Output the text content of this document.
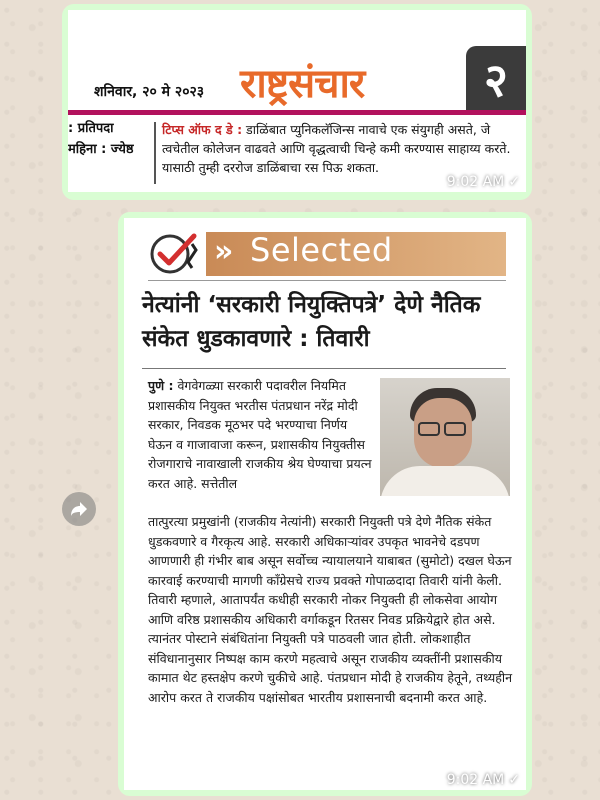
शनिवार, २० मे २०२३ राष्ट्रसंचार	२
: प्रतिपदा
महिना : ज्येष्ठ
टिप्स ऑफ द डे : डाळिंबात प्युनिकलॅजिन्स नावाचे एक संयुगही असते, जे त्वचेतील कोलेजन वाढवते आणि वृद्धत्वाची चिन्हे कमी करण्यास साहाय्य करते. यासाठी तुम्ही दररोज डाळिंबाचा रस पिऊ शकता.
9:02 AM ✓
» Selected
नेत्यांनी ‘सरकारी नियुक्तिपत्रे’ देणे नैतिक संकेत धुडकावणारे : तिवारी
पुणे : वेगवेगळ्या सरकारी पदावरील नियमित प्रशासकीय नियुक्त भरतीस पंतप्रधान नरेंद्र मोदी सरकार, निवडक मूठभर पदे भरण्याचा निर्णय घेऊन व गाजावाजा करून, प्रशासकीय नियुक्तीस रोजगाराचे नावाखाली राजकीय श्रेय घेण्याचा प्रयत्न करत आहे. सत्तेतील
तात्पुरत्या प्रमुखांनी (राजकीय नेत्यांनी) सरकारी नियुक्ती पत्रे देणे नैतिक संकेत धुडकवणारे व गैरकृत्य आहे. सरकारी अधिकाऱ्यांवर उपकृत भावनेचे दडपण आणणारी ही गंभीर बाब असून सर्वोच्च न्यायालयाने याबाबत (सुमोटो) दखल घेऊन कारवाई करण्याची मागणी काँग्रेसचे राज्य प्रवक्ते गोपाळदादा तिवारी यांनी केली. तिवारी म्हणाले, आतापर्यंत कधीही सरकारी नोकर नियुक्ती ही लोकसेवा आयोग आणि वरिष्ठ प्रशासकीय अधिकारी वर्गाकडून रितसर निवड प्रक्रियेद्वारे होत असे. त्यानंतर पोस्टाने संबंधितांना नियुक्ती पत्रे पाठवली जात होती. लोकशाहीत संविधानानुसार निष्पक्ष काम करणे महत्वाचे असून राजकीय व्यक्तींनी प्रशासकीय कामात थेट हस्तक्षेप करणे चुकीचे आहे. पंतप्रधान मोदी हे राजकीय हेतूने, तथ्यहीन आरोप करत ते राजकीय पक्षांसोबत भारतीय प्रशासनाची बदनामी करत आहे.
9:02 AM ✓
